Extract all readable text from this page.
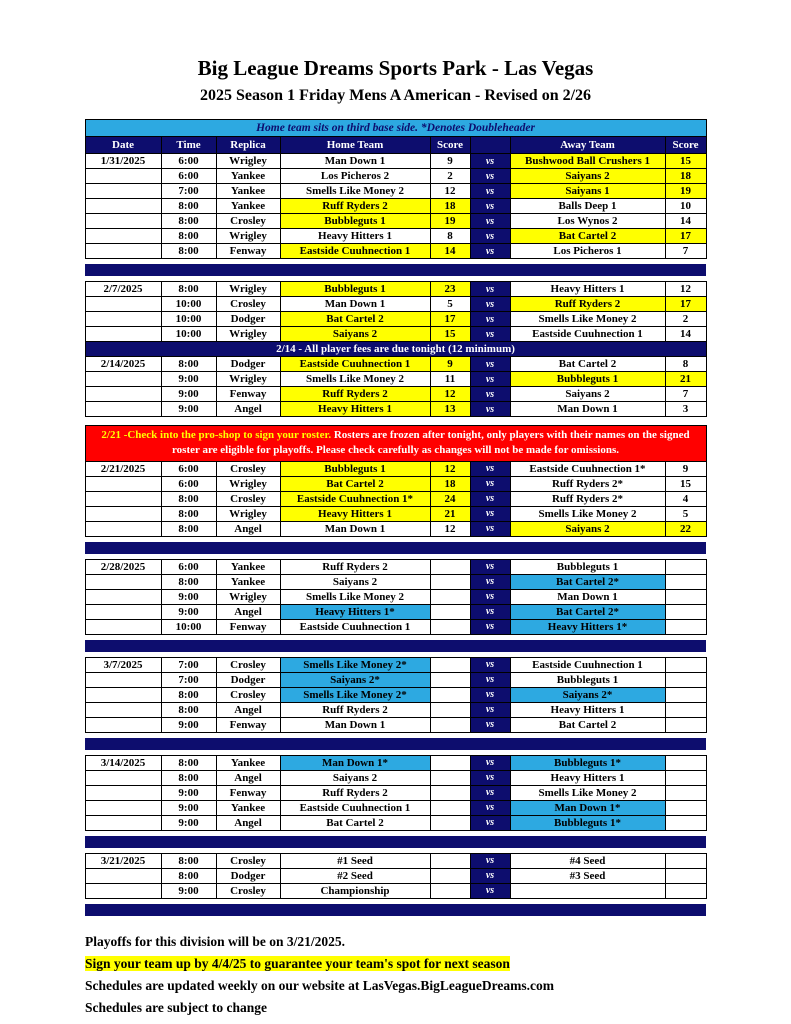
Big League Dreams Sports Park - Las Vegas
2025 Season 1 Friday Mens A American - Revised on 2/26
Home team sits on third base side. *Denotes Doubleheader							
Date	Time	Replica	Home Team	Score		Away Team	Score
1/31/2025	6:00	Wrigley	Man Down 1	9	vs	Bushwood Ball Crushers 1	15
	6:00	Yankee	Los Picheros 2	2	vs	Saiyans 2	18
	7:00	Yankee	Smells Like Money 2	12	vs	Saiyans 1	19
	8:00	Yankee	Ruff Ryders 2	18	vs	Balls Deep 1	10
	8:00	Crosley	Bubbleguts 1	19	vs	Los Wynos 2	14
	8:00	Wrigley	Heavy Hitters 1	8	vs	Bat Cartel 2	17
	8:00	Fenway	Eastside Cuuhnection 1	14	vs	Los Picheros 1	7

2/7/2025	8:00	Wrigley	Bubbleguts 1	23	vs	Heavy Hitters 1	12
	10:00	Crosley	Man Down 1	5	vs	Ruff Ryders 2	17
	10:00	Dodger	Bat Cartel 2	17	vs	Smells Like Money 2	2
	10:00	Wrigley	Saiyans 2	15	vs	Eastside Cuuhnection 1	14
2/14 - All player fees are due tonight (12 minimum)							
2/14/2025	8:00	Dodger	Eastside Cuuhnection 1	9	vs	Bat Cartel 2	8
	9:00	Wrigley	Smells Like Money 2	11	vs	Bubbleguts 1	21
	9:00	Fenway	Ruff Ryders 2	12	vs	Saiyans 2	7
	9:00	Angel	Heavy Hitters 1	13	vs	Man Down 1	3

2/21 -Check into the pro-shop to sign your roster. Rosters are frozen after tonight, only players with their names on the signed roster are eligible for playoffs. Please check carefully as changes will not be made for omissions.							
2/21/2025	6:00	Crosley	Bubbleguts 1	12	vs	Eastside Cuuhnection 1*	9
	6:00	Wrigley	Bat Cartel 2	18	vs	Ruff Ryders 2*	15
	8:00	Crosley	Eastside Cuuhnection 1*	24	vs	Ruff Ryders 2*	4
	8:00	Wrigley	Heavy Hitters 1	21	vs	Smells Like Money 2	5
	8:00	Angel	Man Down 1	12	vs	Saiyans 2	22

2/28/2025	6:00	Yankee	Ruff Ryders 2		vs	Bubbleguts 1	
	8:00	Yankee	Saiyans 2		vs	Bat Cartel 2*	
	9:00	Wrigley	Smells Like Money 2		vs	Man Down 1	
	9:00	Angel	Heavy Hitters 1*		vs	Bat Cartel 2*	
	10:00	Fenway	Eastside Cuuhnection 1		vs	Heavy Hitters 1*	

3/7/2025	7:00	Crosley	Smells Like Money 2*		vs	Eastside Cuuhnection 1	
	7:00	Dodger	Saiyans 2*		vs	Bubbleguts 1	
	8:00	Crosley	Smells Like Money 2*		vs	Saiyans 2*	
	8:00	Angel	Ruff Ryders 2		vs	Heavy Hitters 1	
	9:00	Fenway	Man Down 1		vs	Bat Cartel 2	

3/14/2025	8:00	Yankee	Man Down 1*		vs	Bubbleguts 1*	
	8:00	Angel	Saiyans 2		vs	Heavy Hitters 1	
	9:00	Fenway	Ruff Ryders 2		vs	Smells Like Money 2	
	9:00	Yankee	Eastside Cuuhnection 1		vs	Man Down 1*	
	9:00	Angel	Bat Cartel 2		vs	Bubbleguts 1*	

3/21/2025	8:00	Crosley	#1 Seed		vs	#4 Seed	
	8:00	Dodger	#2 Seed		vs	#3 Seed	
	9:00	Crosley	Championship		vs		

Playoffs for this division will be on 3/21/2025.
Sign your team up by 4/4/25 to guarantee your team's spot for next season
Schedules are updated weekly on our website at LasVegas.BigLeagueDreams.com
Schedules are subject to change
